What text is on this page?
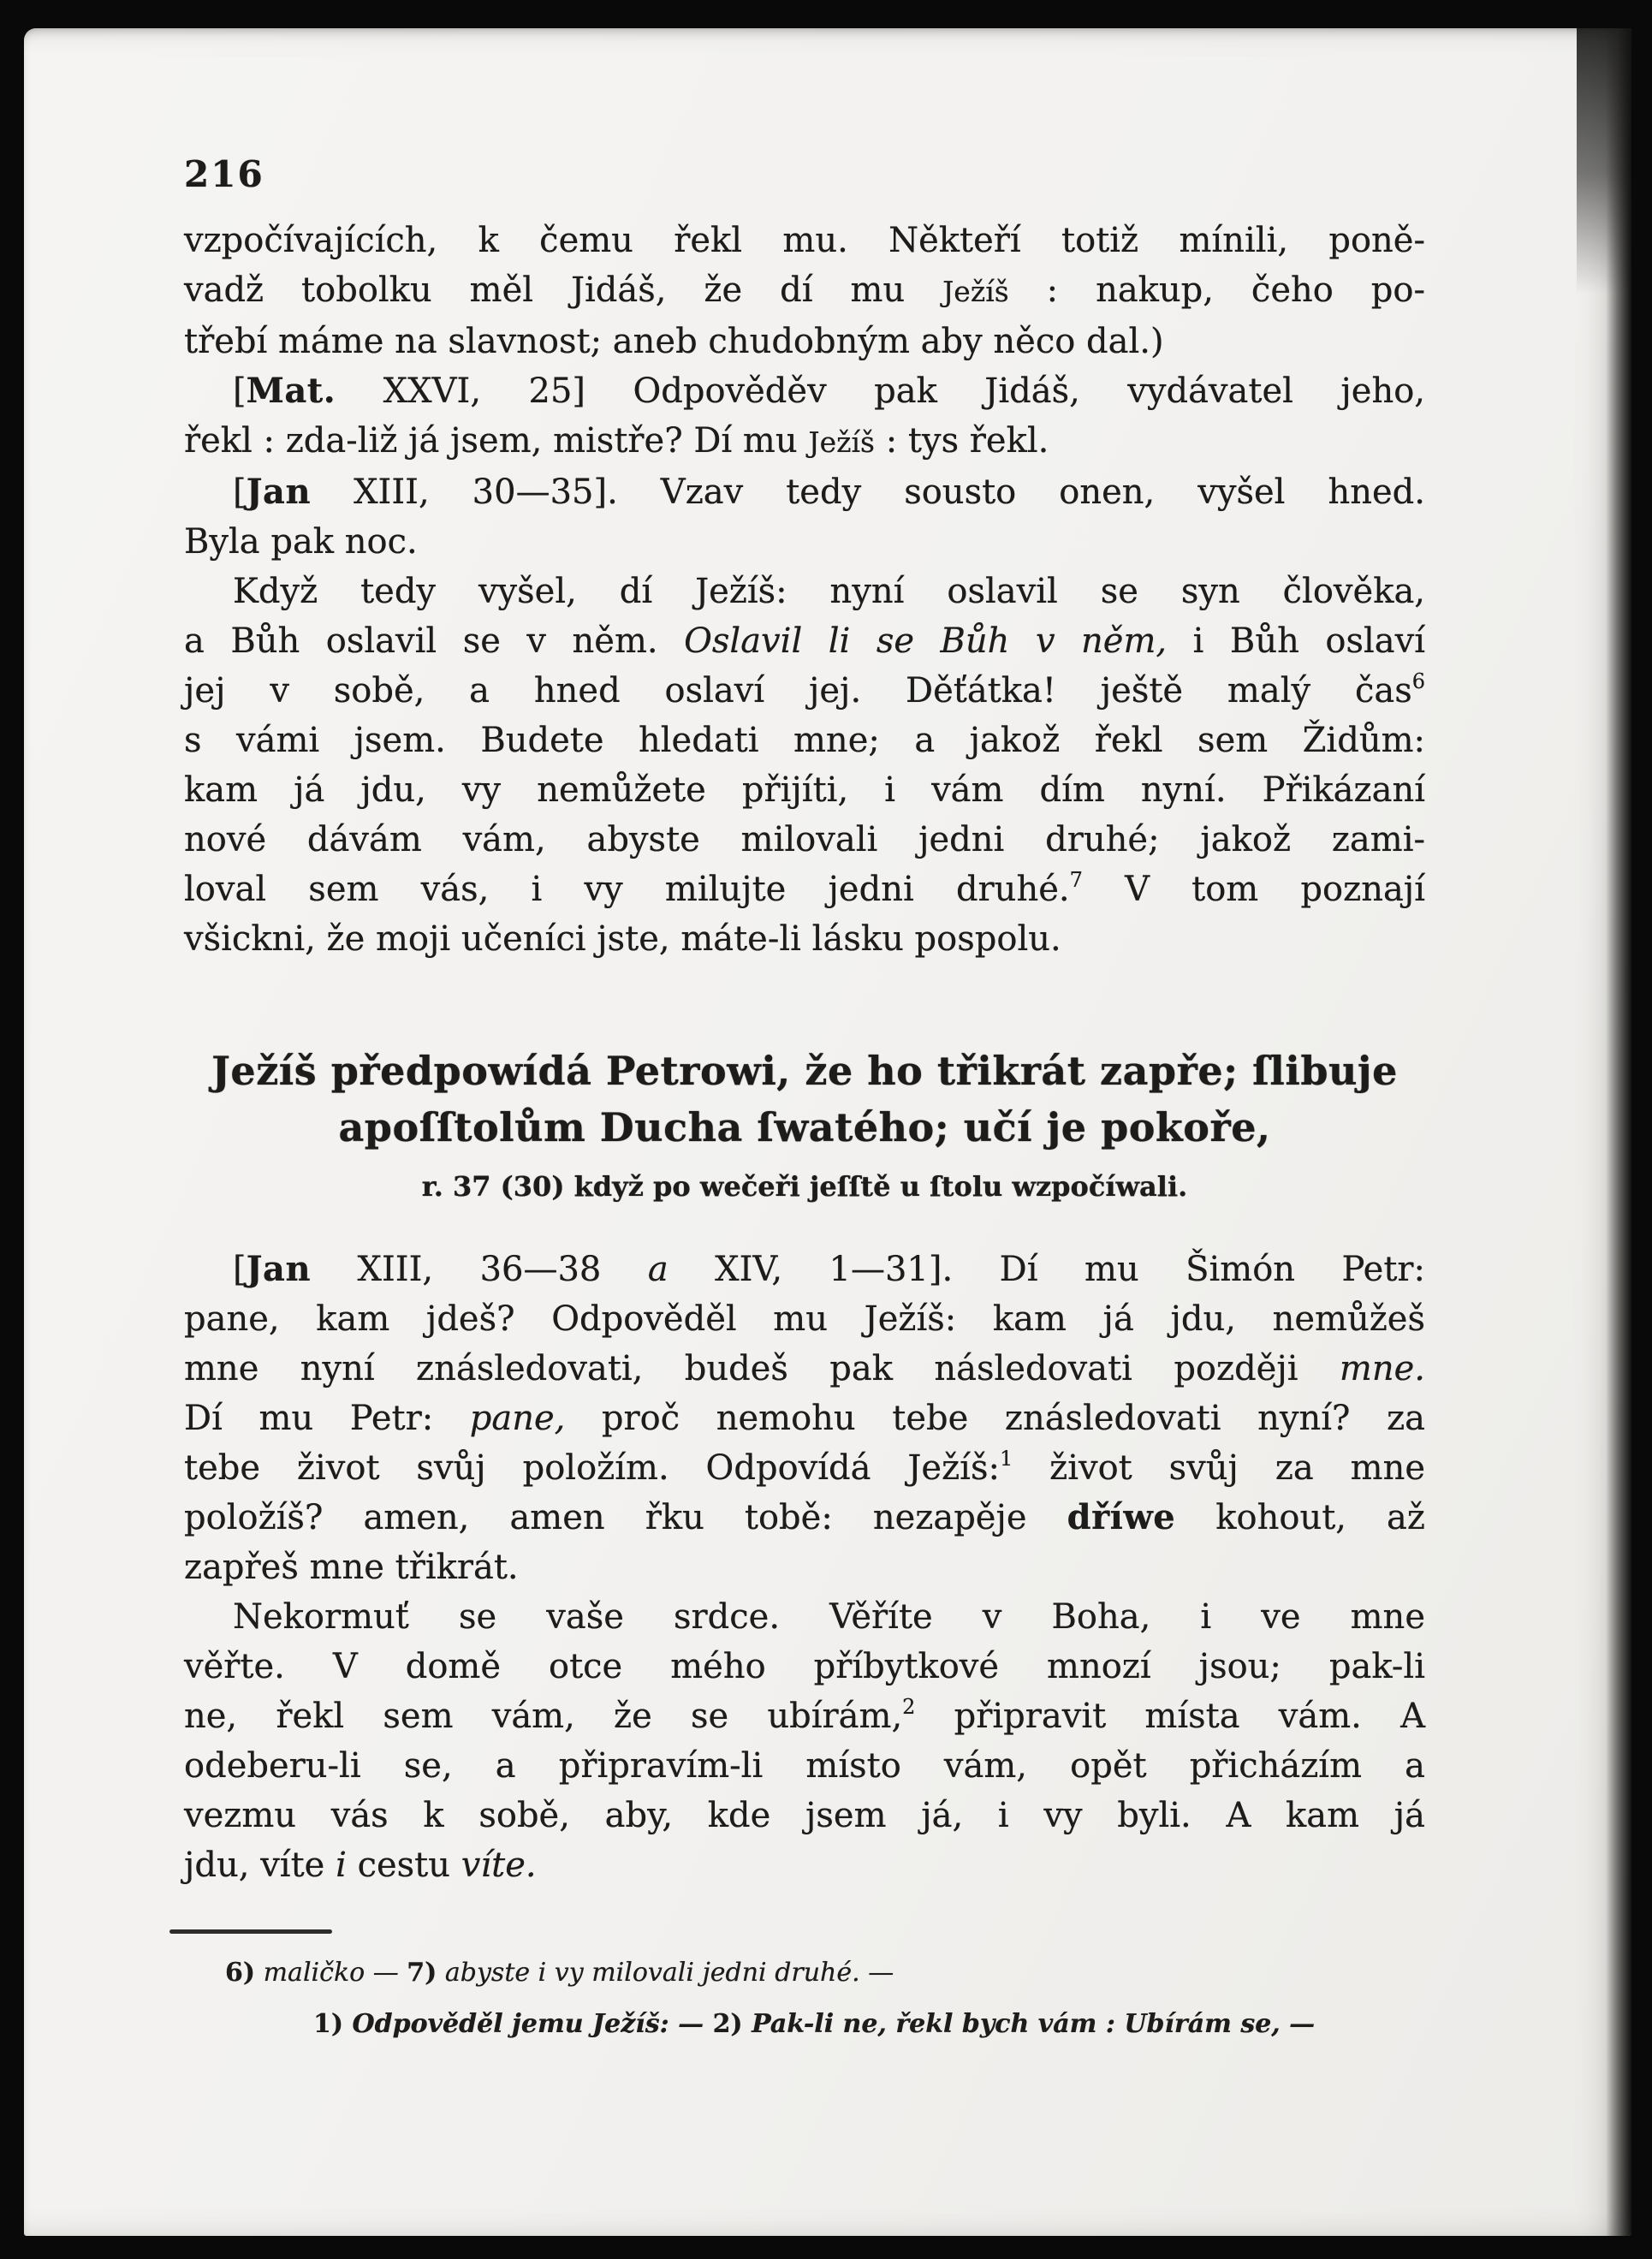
216
vzpočívajících, k čemu řekl mu. Někteří totiž mínili, poně-
vadž tobolku měl Jidáš, že dí mu Ježíš : nakup, čeho po-
třebí máme na slavnost; aneb chudobným aby něco dal.)
[Mat. XXVI, 25] Odpověděv pak Jidáš, vydávatel jeho,
řekl : zda-liž já jsem, mistře? Dí mu Ježíš : tys řekl.
[Jan XIII, 30—35]. Vzav tedy sousto onen, vyšel hned.
Byla pak noc.
Když tedy vyšel, dí Ježíš: nyní oslavil se syn člověka,
a Bůh oslavil se v něm. Oslavil li se Bůh v něm, i Bůh oslaví
jej v sobě, a hned oslaví jej. Děťátka! ještě malý čas$^6$
s vámi jsem. Budete hledati mne; a jakož řekl sem Židům:
kam já jdu, vy nemůžete přijíti, i vám dím nyní. Přikázaní
nové dávám vám, abyste milovali jedni druhé; jakož zami-
loval sem vás, i vy milujte jedni druhé.$^7$ V tom poznají
všickni, že moji učeníci jste, máte-li lásku pospolu.
Ježíš předpowídá Petrowi, že ho třikrát zapře; ſlibuje
apoſſtolům Ducha ſwatého; učí je pokoře,
r. 37 (30) když po wečeři jeſſtě u ſtolu wzpočíwali.
[Jan XIII, 36—38 a XIV, 1—31]. Dí mu Šimón Petr:
pane, kam jdeš? Odpověděl mu Ježíš: kam já jdu, nemůžeš
mne nyní znásledovati, budeš pak následovati později mne.
Dí mu Petr: pane, proč nemohu tebe znásledovati nyní? za
tebe život svůj položím. Odpovídá Ježíš:$^1$ život svůj za mne
položíš? amen, amen řku tobě: nezapěje dříwe kohout, až
zapřeš mne třikrát.
Nekormuť se vaše srdce. Věříte v Boha, i ve mne
věřte. V domě otce mého příbytkové mnozí jsou; pak-li
ne, řekl sem vám, že se ubírám,$^2$ připravit místa vám. A
odeberu-li se, a připravím-li místo vám, opět přicházím a
vezmu vás k sobě, aby, kde jsem já, i vy byli. A kam já
jdu, víte i cestu víte.
6) maličko — 7) abyste i vy milovali jedni druhé. —
1) Odpověděl jemu Ježíš: — 2) Pak-li ne, řekl bych vám : Ubírám se, —
